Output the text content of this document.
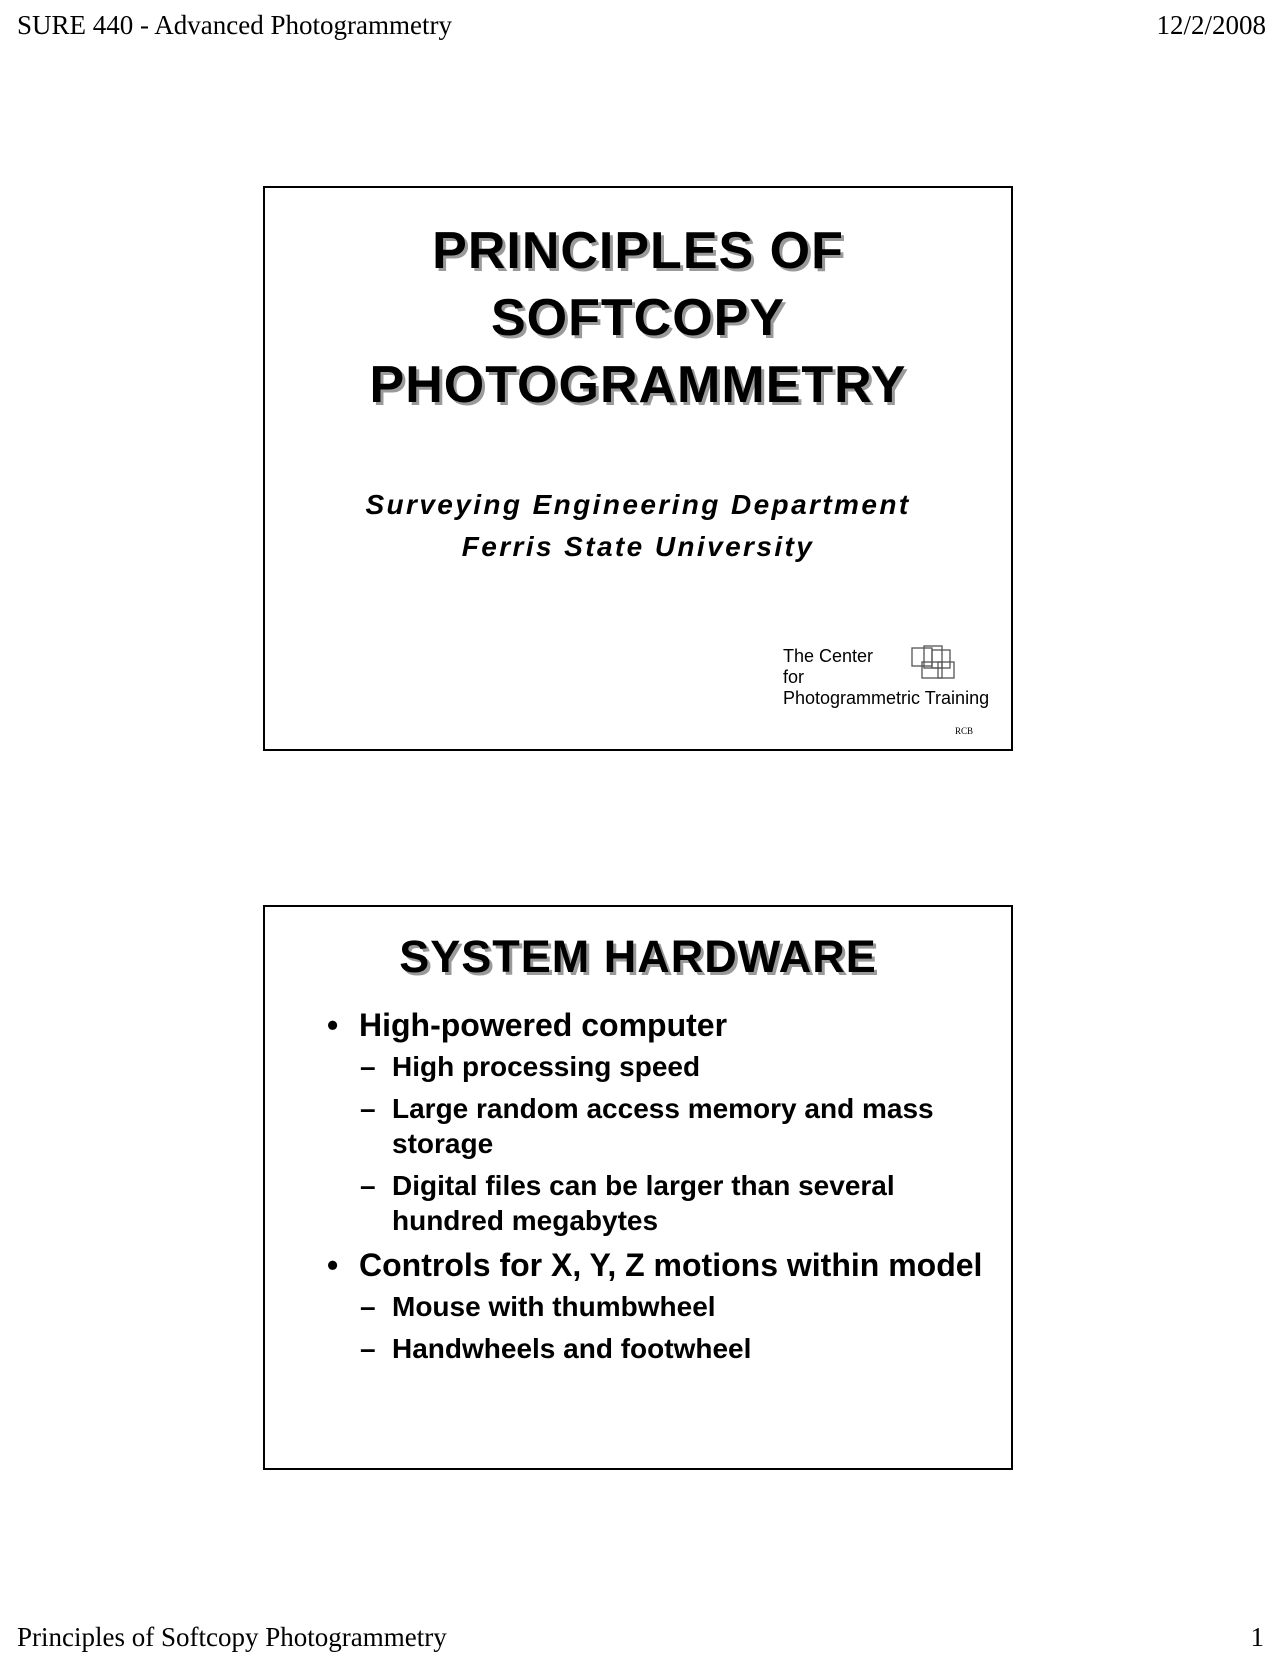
SURE 440 - Advanced Photogrammetry	12/2/2008
PRINCIPLES OF
SOFTCOPY
PHOTOGRAMMETRY
Surveying Engineering Department
Ferris State University
The Center
for
Photogrammetric Training
RCB
SYSTEM HARDWARE
• High-powered computer
– High processing speed
– Large random access memory and mass storage
– Digital files can be larger than several hundred megabytes
• Controls for X, Y, Z motions within model
– Mouse with thumbwheel
– Handwheels and footwheel
Principles of Softcopy Photogrammetry	1
